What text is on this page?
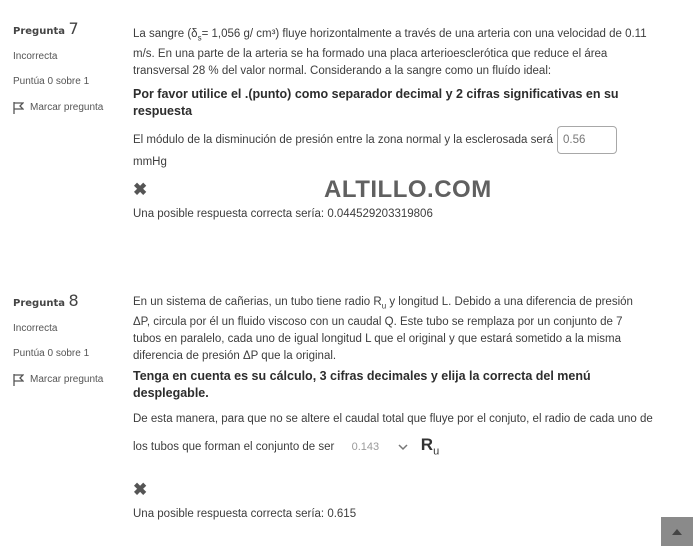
Pregunta 7
Incorrecta
Puntúa 0 sobre 1
Marcar pregunta
La sangre ($\delta_s= 1,056$ g/ cm³) fluye horizontalmente a través de una arteria con una velocidad de 0.11 m/s. En una parte de la arteria se ha formado una placa arterioesclerótica que reduce el área transversal 28 % del valor normal. Considerando a la sangre como un fluído ideal:
Por favor utilice el .(punto) como separador decimal y 2 cifras significativas en su respuesta
El módulo de la disminución de presión entre la zona normal y la esclerosada será 0.56
mmHg
✖
Una posible respuesta correcta sería: 0.044529203319806
ALTILLO.COM
Pregunta 8
Incorrecta
Puntúa 0 sobre 1
Marcar pregunta
En un sistema de cañerias, un tubo tiene radio $R_u$ y longitud L. Debido a una diferencia de presión ΔP, circula por él un fluido viscoso con un caudal Q. Este tubo se remplaza por un conjunto de 7 tubos en paralelo, cada uno de igual longitud L que el original y que estará sometido a la misma diferencia de presión ΔP que la original.
Tenga en cuenta es su cálculo, 3 cifras decimales y elija la correcta del menú desplegable.
De esta manera, para que no se altere el caudal total que fluye por el conjuto, el radio de cada uno de los tubos que forman el conjunto de ser 0.143 $R_u$
✖
Una posible respuesta correcta sería: 0.615
